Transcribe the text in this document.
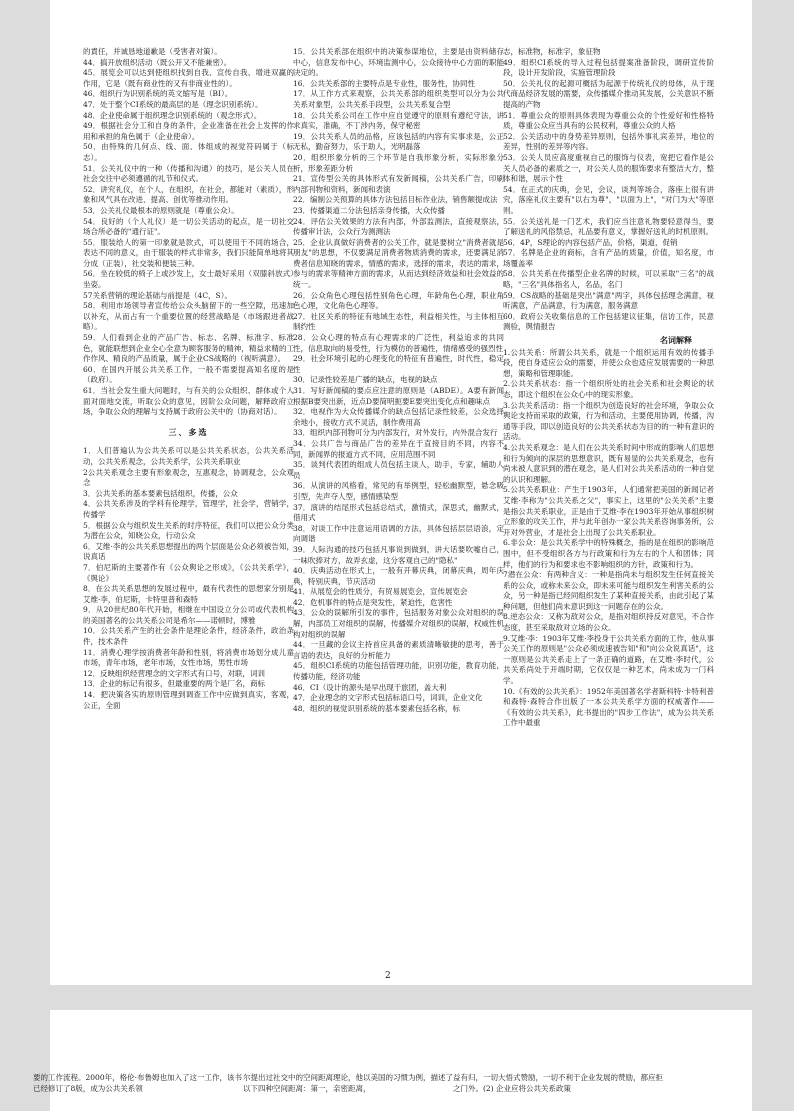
的責任，并诚恳地道歉是（受害者对策）。

44．搞开放组织活动（既公开又不能兼密）。

45．展览会可以达到使组织找到自我、宣传自我、增进双赢的作用，它是（既有商业性的又有非商业性的）。

46．组织行为识别系统的英文缩写是（BI）。

47．处于整个CI系统的最高层的是（理念识别系统）。

48．企业使命属于组织理念识别系统的（观念形式）。

49．根据社会分工和自身的条件，企业准备在社会上发挥的作用和承担的角色属于（企业使命）。

50．由特殊的几何点、线、面、体组成的视觉符码属于（标志）。

51．公关礼仪中的一种（传播和沟通）的技巧，是公关人员在社会交往中必须遵循的礼节和仪式。

52．讲究礼仪，在个人，在组织，在社会，都能对（素质），形象和风气具在改进、提高、创优等推动作用。

53．公关礼仪最根本的原则就是（尊重公众）。

54．良好的（个人礼仪）是一切公关活动的起点，是一切社交场合所必备的"通行证"。

55．服装给人的第一印象就是款式，可以使用于不同的场合，表达不同的意义，由于服装的样式非常多，我们只能简单地将其分成（正装），社交装和便装三种。

56．坐在较低的椅子上或沙发上，女士最好采用（双膝斜放式）坐姿。

57关系营销的理论基础与前提是（4C，S）。

58．利用市场领导者宣传给公众头脑留下的一些空隙，迅速加以补充，从而占有一个重要位置的经营战略是（市场跟进者战略）。

59．人们看到企业的产品广告、标志、名牌、标准字、标准色，就能联想到企业全心全意为顾客服务的精神，精益求精的工作作风、精良的产品质量，属于企业CS战略的（视听满意）。

60．在国内开展公共关系工作，一般不需要提高知名度的是（政府）。

61．当社会发生重大问题时，与有关的公众组织、群体或个人面对面地交流，听取公众的意见，因阶公众问题，解释政府立场，争取公众的理解与支持属于政府公关中的（协商对话）。

三、多选

1．人们普遍认为公共关系可以是公共关系状态，公共关系活动，公共关系观念，公共关系学，公共关系职业

2公共关系观念主要有形象观念，互惠观念，协调观念，公众观念

3．公共关系的基本要素包括组织，传播，公众

4．公共关系涉及的学科有伦理学，管理学，社会学，营销学，传播学

5．根据公众与组织发生关系的时序特征，我们可以把公众分类为潜在公众，知晓公众，行动公众

6．艾维·李的公共关系思想提出的两个层面是公众必须被告知，说真话

7．伯尼斯的主要著作有《公众舆论之形成》，《公共关系学》，《舆论》

8．在公共关系思想的发展过程中，最有代表性的思想家分别是艾维·李，伯尼斯，卡特里普和森特

9．从20世纪80年代开始，相继在中国设立分公司或代表机构的美国著名的公共关系公司是希尔——诺顿时，博雅

10．公共关系产生的社会条件是理论条件，经济条件，政治条件，技术条件

11．消费心理学按消费者年龄和性别，将消费市场划分成儿童市场，青年市场，老年市场，女性市场，男性市场

12．反映组织经营理念的文字形式有口号，对联，词训

13．企业的标记有很多，但最重要的两个是厂名，商标

14．把决策各实的原则管理到调查工作中应做到真实，客观，公正，全面

15．公共关系部在组织中的决策参谋地位，主要是由资料储存中心，信息发布中心，环境监测中心，公众接待中心方面的职能决定的。

16．公共关系部的主要特点是专业性，服务性，协同性

17．从工作方式来观察，公共关系部的组织类型可以分为公共关系对象型，公共关系手段型，公共关系复合型

18．公共关系公司在工作中应自觉遵守的原则有遵纪守法，讲求真实，准确，不丁涉内务，保守秘密

19．公共关系人员的品格，应该包括的内容有实事求是，公正无私，勤奋努力，乐于助人，光明磊落

20．组织形象分析的三个环节是自我形象分析，实际形象分析，形象差距分析

21．宣传型公关的具体形式有发新闻稿，公共关系广告，印刷内部刊物和资料，新闻和表演

22．编制公关预算的具体方法包括目标作业法，销售额提成法

23．传播渠道二分法包括亲身传播，大众传播

24．评估公关效果的方法有内部，外部监测法，直接观察法，传播审计法，公众行为测测法

25．企业认真做好消费者的公关工作，就是要树立"消费者就是朋友"的思想，不仅要满足消费者物质消费的需求，还要满足消费者信息知晓的需求，情感的需求，选择的需求，表达的需求，参与的需求等精神方面的需求，从而达到经济效益和社会效益的统一。

26．公众角色心理包括性别角色心理，年龄角色心理，职业角色心理，文化角色心理等。

27．社区关系的特征有地域生态性，利益相关性，与主体相互制约性

28．公众心理的特点有心理需求的广泛性，利益追求的共同性，信息取向的易受性，行为模仿的普遍性，情绪感受的强烈性

29．社会环境引起的心理变化的特征有普遍性，时代性，稳定性

30．记录性较差是广播的缺点，电视的缺点

31．写好新闻稿的要点应注意的原则是（ABDE）。A要有新闻根据B要突出新，近点D要简明扼要E要突出变化点和趣味点

32．电视作为大众传播媒介的缺点包括记录性较差，公众选择余地小，接收方式不灵活，制作费用高

33．组织内部刊物可分为内部发行，对外发行，内外混合发行

34．公共广告与商品广告的差异在于直接目的不同，内容不同，新闻界的报道方式不同，应用范围不同

35．谈判代表团的组成人员包括主谈人，助手，专家，辅助人员

36．从演讲的风格看，常见的有举例型，轻松幽默型，悬念吸引型，先声夺人型，感情感染型

37．演讲的结尾形式包括总结式，激情式，深思式，幽默式，借用式

38．对谈工作中注意运用语调的方法，具体包括层层语浪，定向调谐

39．人际沟通的技巧包括凡事说到做到，讲大话要吹嘘自己，一味吹捧对方，故弄玄虚，这分客观自己的"隐私"

40．庆典活动在形式上，一般有开幕庆典，闭幕庆典，周年庆典，特别庆典，节庆活动

41．从展览会的性质分，有贸易展览会，宣传展览会

42．危机事件的特点是突发性，紧迫性，危害性

43．公众的误解所引发的事件，包括服务对象公众对组织的误解，内部员工对组织的误解，传播媒介对组织的误解，权威性机构对组织的误解

44．一旦藏的会议主持首应具备的素质清晰敏捷的思考，善于言语的表达，良好的分析能力

45．组织CI系统的功能包括管理功能，识别功能，教育功能，传播功能，经济功能

46．CI（设计的源头是早出现于旅团，盖大利

47．企业理念的文字形式包括标语口号，词训，企业文化

48．组织的视觉识别系统的基本要素包括名称，标

志，标准物，标准字，象征物

49．组织CI系统的导入过程包括提案准备阶段，调研宣传阶段，设计开发阶段，实施管理阶段

50．公关礼仪的起源可概括为起源于传统礼仪的母体，从于现代商品经济发展的需要，众传播媒介推动其发展，公关意识不断提高的产物

51．尊重公众的原则具体表现为尊重公众的个性爱好和性格特质，尊重公众应当具有的公民权利，尊重公众的人格

52．公关活动中的身势差异原则，包括外事礼宾差异，地位的差异，性别的差异等内容。

53．公关人员应高度重视自己的服饰与仪表，宽把它看作是公关人员必备的素质之一，对公关人员的服饰要求有整洁大方，整体和谐，展示个性

54．在正式的庆典，会见，会议，谈判等场合，落座上很有讲究，落座礼仪主要有"以右为尊"，"以面为上"，"对门为大"等原则。

55．公关送礼是一门艺术，我们应当注意礼物要轻意得当，要了解送礼的风俗禁忌，礼品要有意义，掌握好送礼的时机原则。

56．4P，S理论的内容包括产品，价格，渠道，促销

57．名牌是企业的商标，含有产品的质量，价值，知名度，市场覆盖率

58．公共关系在传播型企业名牌的时候，可以采取"三名"的战略，"三名"具体指名人，名品，名门

59．CS战略的基础是突出"满意"两字，具体包括理念满意，视听满意，产品满意，行为满意，服务满意

60．政府公关收集信息的工作包括建议征集，信访工作，民意测验，舆情报告

名词解释

1.公共关系：所谓公共关系，就是一个组织运用有效的传播手段，使自身适应公众的需要，并使公众也适应发展需要的一种思想，策略和管理职能。

2.公共关系状态：指一个组织所处的社会关系和社会舆论的状态，即这个组织在公众心中的现实形象。

3.公共关系活动：指一个组织为创造良好的社会环境，争取公众舆论支持而采取的政策，行为和活动，主要使用协调，传播，沟通等手段，即以创造良好的公共关系状态为目的的一种有意识的活动。

4.公共关系观念：是人们在公共关系时间中形成的影响人们思想和行为倾向的深层的思想意识，既有易显的公共关系观念，也有尚未被人意识到的潜在观念，是人们对公共关系活动的一种自觉的认识和理解。

5.公共关系职业：产生于1903年，人们通常把美国的新闻记者艾维·李称为"公共关系之父"，事实上，这里的"公关关系"主要是指公共关系职业，正是由于艾维·李在1903年开始从事组织树立形象的攻关工作，并与此年创办一家公共关系咨询事务所，公开对外营业，才是社会上出现了公共关系职业。

6.非公众：是公共关系学中的特殊概念，指的是在组织的影响范围中，但不受组织各方与行政策和行为左右的个人和团体；同样，他们的行为和要求也不影响组织的方针，政策和行为。

7潜在公众：有两种含义：一种是指尚未与组织发生任何直接关系的公众，或称未来公众，即未来可能与组织发生利害关系的公众，另一种是指已经同组织发生了某种直接关系，由此引起了某种问题，但他们尚未意识到这一问题存在的公众。

8.逆态公众：又称为敌对公众，是指对组织持反对意见，不合作态度，甚至采取敌对立场的公众。

9.艾维·李：1903年艾维·李投身于公共关系方面的工作，他从事公关工作的原则是"公众必须成速被告知"和"向公众说真话"，这一原则是公共关系走上了一条正确的道路，在艾维·李时代，公共关系尚处于开端时期，它仅仅是一种艺术，尚未成为一门科学。

10.《有效的公共关系》：1952年美国著名学者斯科特·卡特利普和森特·森特合作出版了一本公共关系学方面的权威著作——《有效的公共关系》，此书提出的"四步工作法"，成为公共关系工作中最重

2

要的工作流程。2000年，格伦·布鲁姆也加入了这一工作，该书已经修订了8版，成为公共关系领

尔提出过社交中的空间距离理论，他以美国的习惯为例，描述了以下四种空间距离：第一，亲密距离，

益有归，一切大悟式赞励，一切不利于企业发展的赞励，都应拒之门外。(2) 企业应将公共关系政策
